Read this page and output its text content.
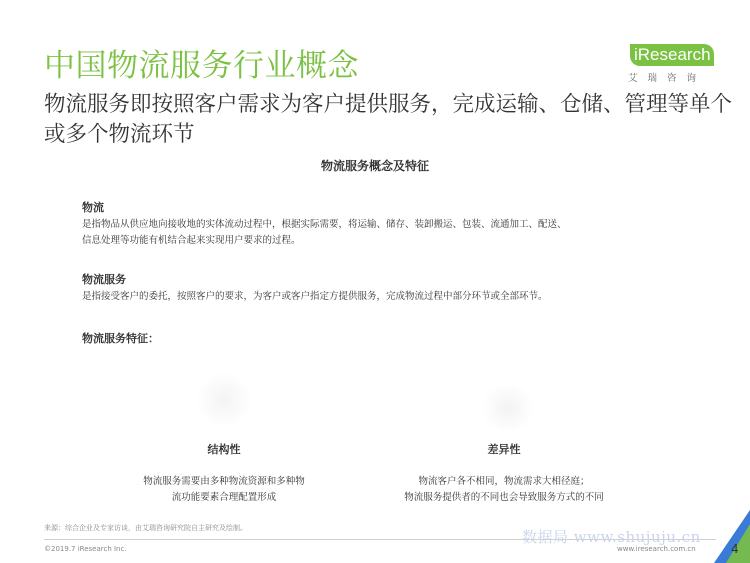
中国物流服务行业概念	iResearch
艾瑞咨询
物流服务即按照客户需求为客户提供服务，完成运输、仓储、管理等单个或多个物流环节
物流服务概念及特征
物流
是指物品从供应地向接收地的实体流动过程中，根据实际需要，将运输、储存、装卸搬运、包装、流通加工、配送、
信息处理等功能有机结合起来实现用户要求的过程。
物流服务
是指接受客户的委托，按照客户的要求，为客户或客户指定方提供服务，完成物流过程中部分环节或全部环节。
物流服务特征：
结构性
物流服务需要由多种物流资源和多种物
流功能要素合理配置形成
差异性
物流客户各不相同，物流需求大相径庭；
物流服务提供者的不同也会导致服务方式的不同
来源：综合企业及专家访谈，由艾瑞咨询研究院自主研究及绘制。
©2019.7 iResearch Inc.	www.iresearch.com.cn
数据局 www.shujuju.cn
4
